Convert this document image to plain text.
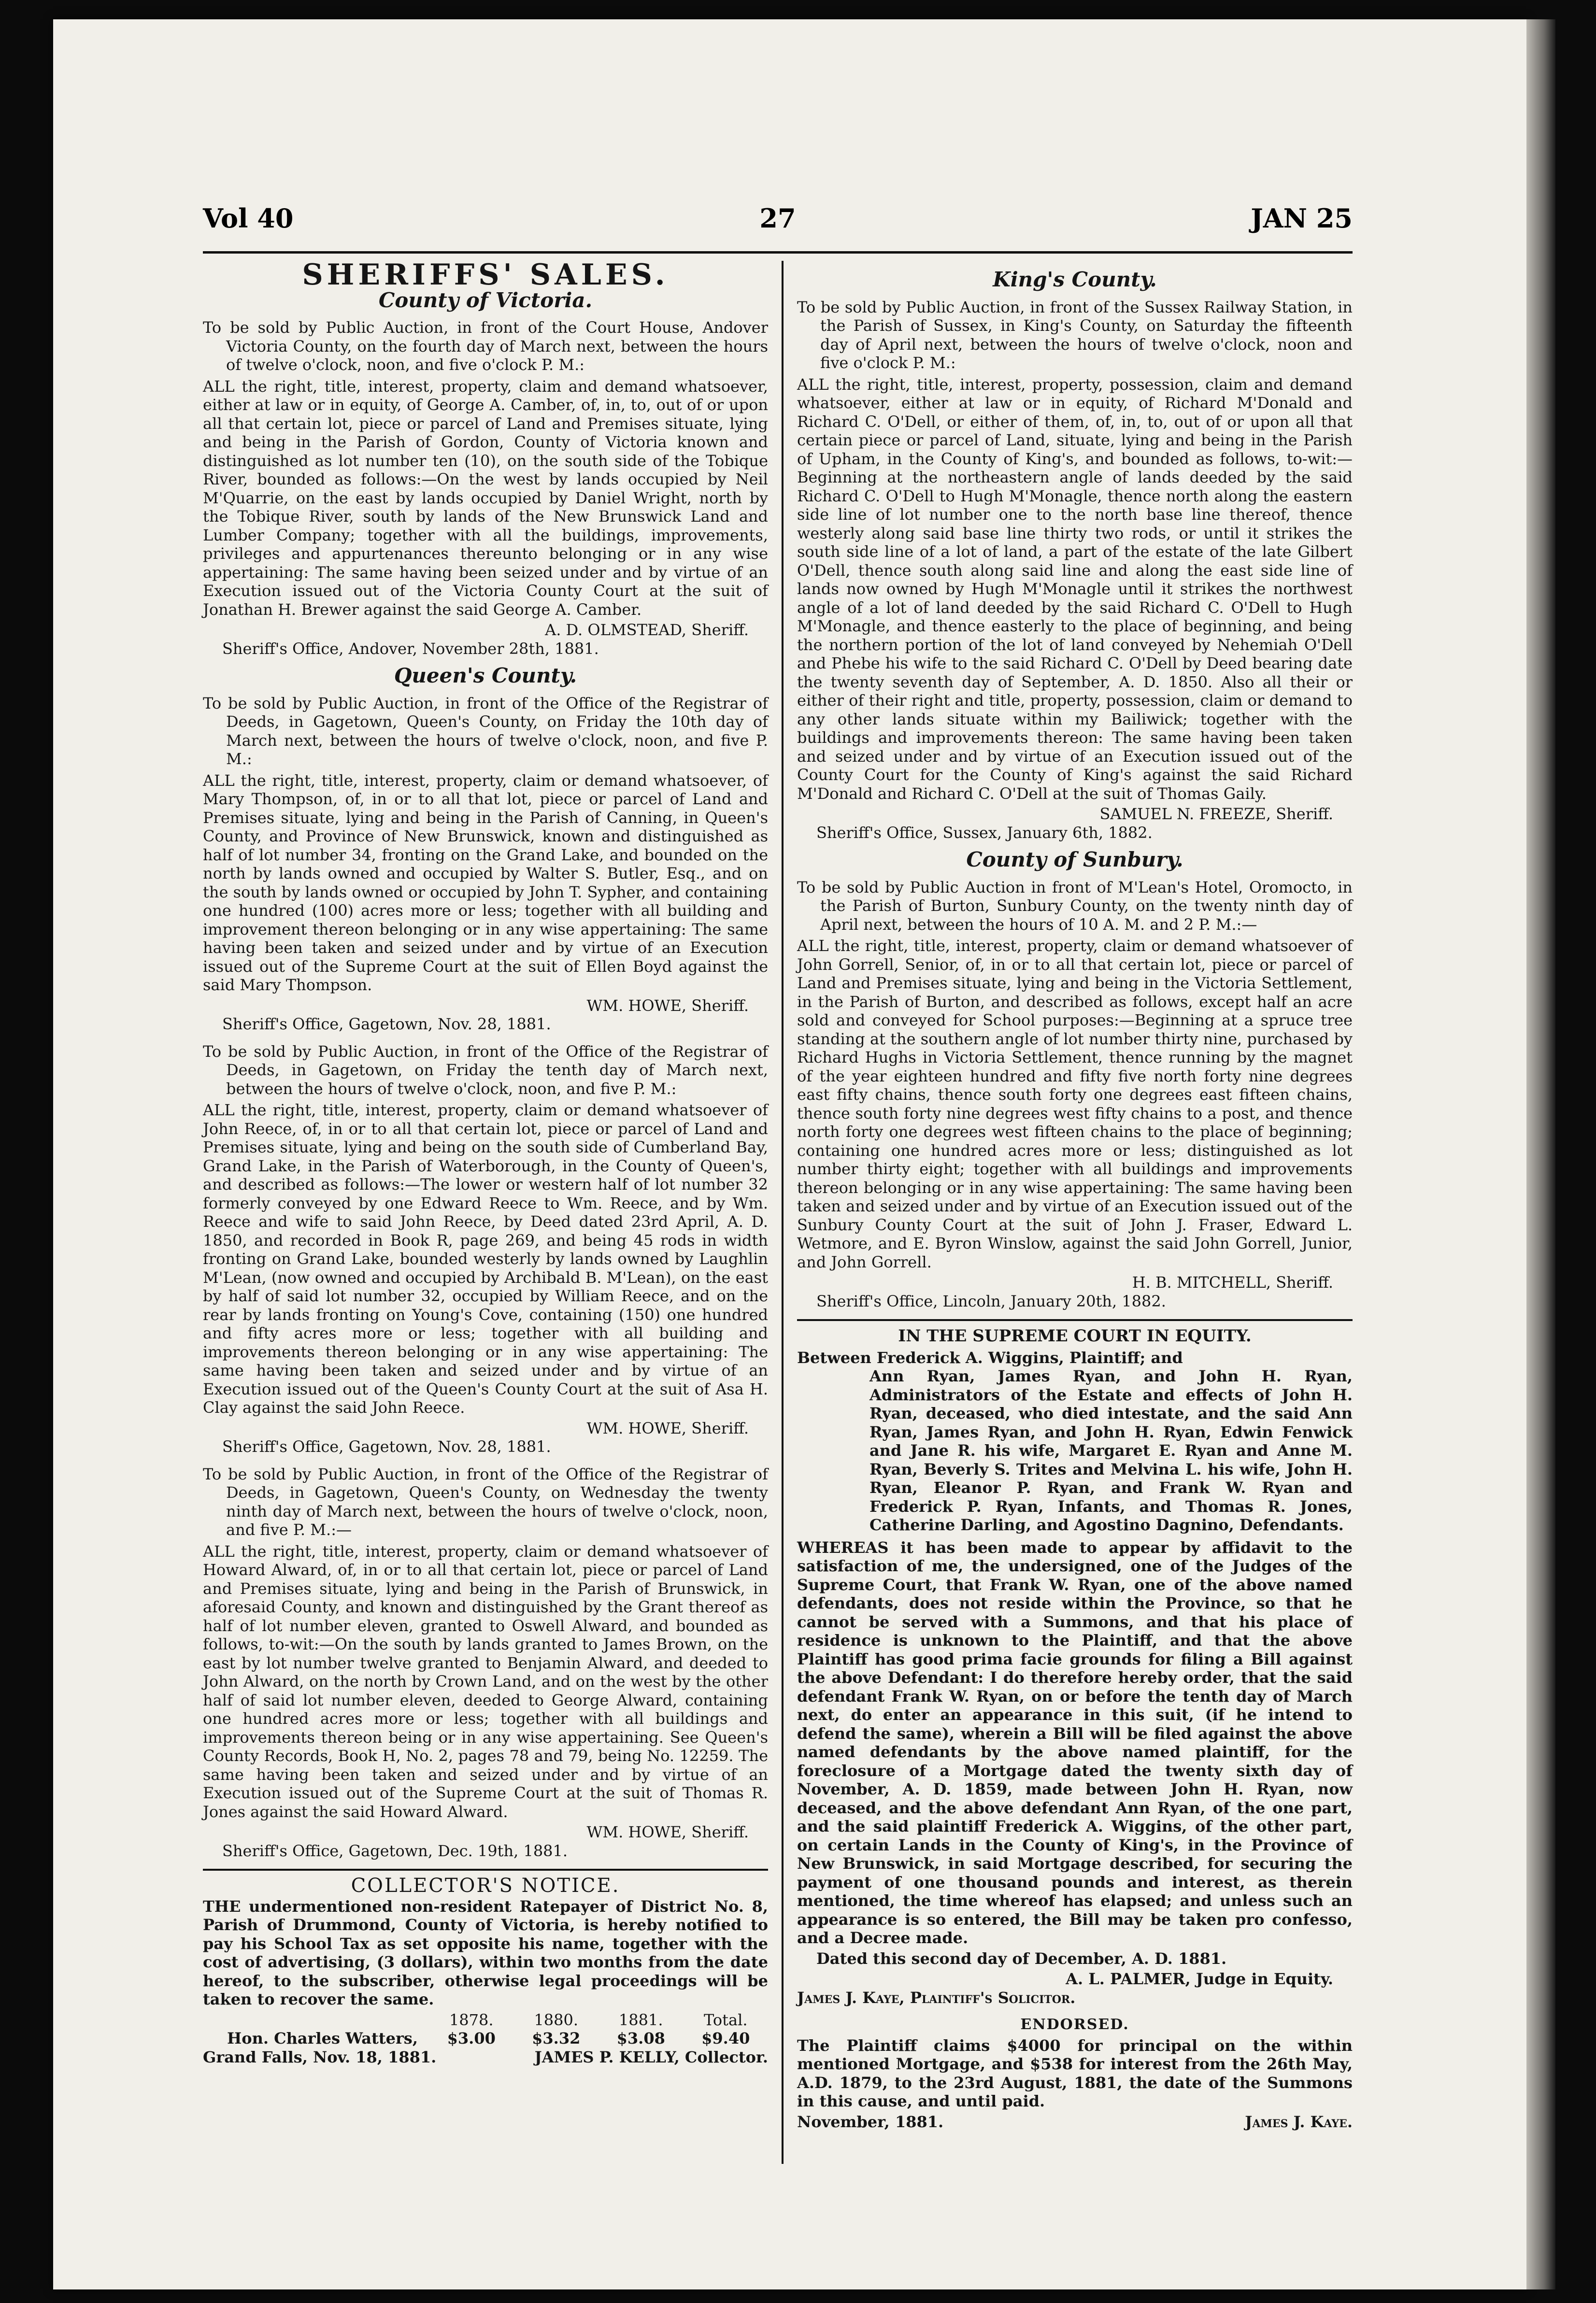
Vol 40	27	JAN 25
SHERIFFS' SALES.
County of Victoria.

To be sold by Public Auction, in front of the Court House, Andover Victoria County, on the fourth day of March next, between the hours of twelve o'clock, noon, and five o'clock P. M.:

ALL the right, title, interest, property, claim and demand whatsoever, either at law or in equity, of George A. Camber, of, in, to, out of or upon all that certain lot, piece or parcel of Land and Premises situate, lying and being in the Parish of Gordon, County of Victoria known and distinguished as lot number ten (10), on the south side of the Tobique River, bounded as follows:—On the west by lands occupied by Neil M'Quarrie, on the east by lands occupied by Daniel Wright, north by the Tobique River, south by lands of the New Brunswick Land and Lumber Company; together with all the buildings, improvements, privileges and appurtenances thereunto belonging or in any wise appertaining: The same having been seized under and by virtue of an Execution issued out of the Victoria County Court at the suit of Jonathan H. Brewer against the said George A. Camber.

A. D. OLMSTEAD, Sheriff.

Sheriff's Office, Andover, November 28th, 1881.

Queen's County.

To be sold by Public Auction, in front of the Office of the Registrar of Deeds, in Gagetown, Queen's County, on Friday the 10th day of March next, between the hours of twelve o'clock, noon, and five P. M.:

ALL the right, title, interest, property, claim or demand whatsoever, of Mary Thompson, of, in or to all that lot, piece or parcel of Land and Premises situate, lying and being in the Parish of Canning, in Queen's County, and Province of New Brunswick, known and distinguished as half of lot number 34, fronting on the Grand Lake, and bounded on the north by lands owned and occupied by Walter S. Butler, Esq., and on the south by lands owned or occupied by John T. Sypher, and containing one hundred (100) acres more or less; together with all building and improvement thereon belonging or in any wise appertaining: The same having been taken and seized under and by virtue of an Execution issued out of the Supreme Court at the suit of Ellen Boyd against the said Mary Thompson.

WM. HOWE, Sheriff.

Sheriff's Office, Gagetown, Nov. 28, 1881.

To be sold by Public Auction, in front of the Office of the Registrar of Deeds, in Gagetown, on Friday the tenth day of March next, between the hours of twelve o'clock, noon, and five P. M.:

ALL the right, title, interest, property, claim or demand whatsoever of John Reece, of, in or to all that certain lot, piece or parcel of Land and Premises situate, lying and being on the south side of Cumberland Bay, Grand Lake, in the Parish of Waterborough, in the County of Queen's, and described as follows:—The lower or western half of lot number 32 formerly conveyed by one Edward Reece to Wm. Reece, and by Wm. Reece and wife to said John Reece, by Deed dated 23rd April, A. D. 1850, and recorded in Book R, page 269, and being 45 rods in width fronting on Grand Lake, bounded westerly by lands owned by Laughlin M'Lean, (now owned and occupied by Archibald B. M'Lean), on the east by half of said lot number 32, occupied by William Reece, and on the rear by lands fronting on Young's Cove, containing (150) one hundred and fifty acres more or less; together with all building and improvements thereon belonging or in any wise appertaining: The same having been taken and seized under and by virtue of an Execution issued out of the Queen's County Court at the suit of Asa H. Clay against the said John Reece.

WM. HOWE, Sheriff.

Sheriff's Office, Gagetown, Nov. 28, 1881.

To be sold by Public Auction, in front of the Office of the Registrar of Deeds, in Gagetown, Queen's County, on Wednesday the twenty ninth day of March next, between the hours of twelve o'clock, noon, and five P. M.:—

ALL the right, title, interest, property, claim or demand whatsoever of Howard Alward, of, in or to all that certain lot, piece or parcel of Land and Premises situate, lying and being in the Parish of Brunswick, in aforesaid County, and known and distinguished by the Grant thereof as half of lot number eleven, granted to Oswell Alward, and bounded as follows, to-wit:—On the south by lands granted to James Brown, on the east by lot number twelve granted to Benjamin Alward, and deeded to John Alward, on the north by Crown Land, and on the west by the other half of said lot number eleven, deeded to George Alward, containing one hundred acres more or less; together with all buildings and improvements thereon being or in any wise appertaining. See Queen's County Records, Book H, No. 2, pages 78 and 79, being No. 12259. The same having been taken and seized under and by virtue of an Execution issued out of the Supreme Court at the suit of Thomas R. Jones against the said Howard Alward.

WM. HOWE, Sheriff.

Sheriff's Office, Gagetown, Dec. 19th, 1881.

COLLECTOR'S NOTICE.

THE undermentioned non-resident Ratepayer of District No. 8, Parish of Drummond, County of Victoria, is hereby notified to pay his School Tax as set opposite his name, together with the cost of advertising, (3 dollars), within two months from the date hereof, to the subscriber, otherwise legal proceedings will be taken to recover the same.

1878.	1880.	1881.	Total.
Hon. Charles Watters,	$3.00	$3.32	$3.08	$9.40
Grand Falls, Nov. 18, 1881.	JAMES P. KELLY, Collector.
King's County.

To be sold by Public Auction, in front of the Sussex Railway Station, in the Parish of Sussex, in King's County, on Saturday the fifteenth day of April next, between the hours of twelve o'clock, noon and five o'clock P. M.:

ALL the right, title, interest, property, possession, claim and demand whatsoever, either at law or in equity, of Richard M'Donald and Richard C. O'Dell, or either of them, of, in, to, out of or upon all that certain piece or parcel of Land, situate, lying and being in the Parish of Upham, in the County of King's, and bounded as follows, to-wit:—Beginning at the northeastern angle of lands deeded by the said Richard C. O'Dell to Hugh M'Monagle, thence north along the eastern side line of lot number one to the north base line thereof, thence westerly along said base line thirty two rods, or until it strikes the south side line of a lot of land, a part of the estate of the late Gilbert O'Dell, thence south along said line and along the east side line of lands now owned by Hugh M'Monagle until it strikes the northwest angle of a lot of land deeded by the said Richard C. O'Dell to Hugh M'Monagle, and thence easterly to the place of beginning, and being the northern portion of the lot of land conveyed by Nehemiah O'Dell and Phebe his wife to the said Richard C. O'Dell by Deed bearing date the twenty seventh day of September, A. D. 1850. Also all their or either of their right and title, property, possession, claim or demand to any other lands situate within my Bailiwick; together with the buildings and improvements thereon: The same having been taken and seized under and by virtue of an Execution issued out of the County Court for the County of King's against the said Richard M'Donald and Richard C. O'Dell at the suit of Thomas Gaily.

SAMUEL N. FREEZE, Sheriff.

Sheriff's Office, Sussex, January 6th, 1882.

County of Sunbury.

To be sold by Public Auction in front of M'Lean's Hotel, Oromocto, in the Parish of Burton, Sunbury County, on the twenty ninth day of April next, between the hours of 10 A. M. and 2 P. M.:—

ALL the right, title, interest, property, claim or demand whatsoever of John Gorrell, Senior, of, in or to all that certain lot, piece or parcel of Land and Premises situate, lying and being in the Victoria Settlement, in the Parish of Burton, and described as follows, except half an acre sold and conveyed for School purposes:—Beginning at a spruce tree standing at the southern angle of lot number thirty nine, purchased by Richard Hughs in Victoria Settlement, thence running by the magnet of the year eighteen hundred and fifty five north forty nine degrees east fifty chains, thence south forty one degrees east fifteen chains, thence south forty nine degrees west fifty chains to a post, and thence north forty one degrees west fifteen chains to the place of beginning; containing one hundred acres more or less; distinguished as lot number thirty eight; together with all buildings and improvements thereon belonging or in any wise appertaining: The same having been taken and seized under and by virtue of an Execution issued out of the Sunbury County Court at the suit of John J. Fraser, Edward L. Wetmore, and E. Byron Winslow, against the said John Gorrell, Junior, and John Gorrell.

H. B. MITCHELL, Sheriff.

Sheriff's Office, Lincoln, January 20th, 1882.

IN THE SUPREME COURT IN EQUITY.

Between Frederick A. Wiggins, Plaintiff; and
Ann Ryan, James Ryan, and John H. Ryan, Administrators of the Estate and effects of John H. Ryan, deceased, who died intestate, and the said Ann Ryan, James Ryan, and John H. Ryan, Edwin Fenwick and Jane R. his wife, Margaret E. Ryan and Anne M. Ryan, Beverly S. Trites and Melvina L. his wife, John H. Ryan, Eleanor P. Ryan, and Frank W. Ryan and Frederick P. Ryan, Infants, and Thomas R. Jones, Catherine Darling, and Agostino Dagnino, Defendants.

WHEREAS it has been made to appear by affidavit to the satisfaction of me, the undersigned, one of the Judges of the Supreme Court, that Frank W. Ryan, one of the above named defendants, does not reside within the Province, so that he cannot be served with a Summons, and that his place of residence is unknown to the Plaintiff, and that the above Plaintiff has good prima facie grounds for filing a Bill against the above Defendant: I do therefore hereby order, that the said defendant Frank W. Ryan, on or before the tenth day of March next, do enter an appearance in this suit, (if he intend to defend the same), wherein a Bill will be filed against the above named defendants by the above named plaintiff, for the foreclosure of a Mortgage dated the twenty sixth day of November, A. D. 1859, made between John H. Ryan, now deceased, and the above defendant Ann Ryan, of the one part, and the said plaintiff Frederick A. Wiggins, of the other part, on certain Lands in the County of King's, in the Province of New Brunswick, in said Mortgage described, for securing the payment of one thousand pounds and interest, as therein mentioned, the time whereof has elapsed; and unless such an appearance is so entered, the Bill may be taken pro confesso, and a Decree made.

Dated this second day of December, A. D. 1881.

A. L. PALMER, Judge in Equity.

James J. Kaye, Plaintiff's Solicitor.

ENDORSED.

The Plaintiff claims $4000 for principal on the within mentioned Mortgage, and $538 for interest from the 26th May, A.D. 1879, to the 23rd August, 1881, the date of the Summons in this cause, and until paid.

November, 1881.	James J. Kaye.
